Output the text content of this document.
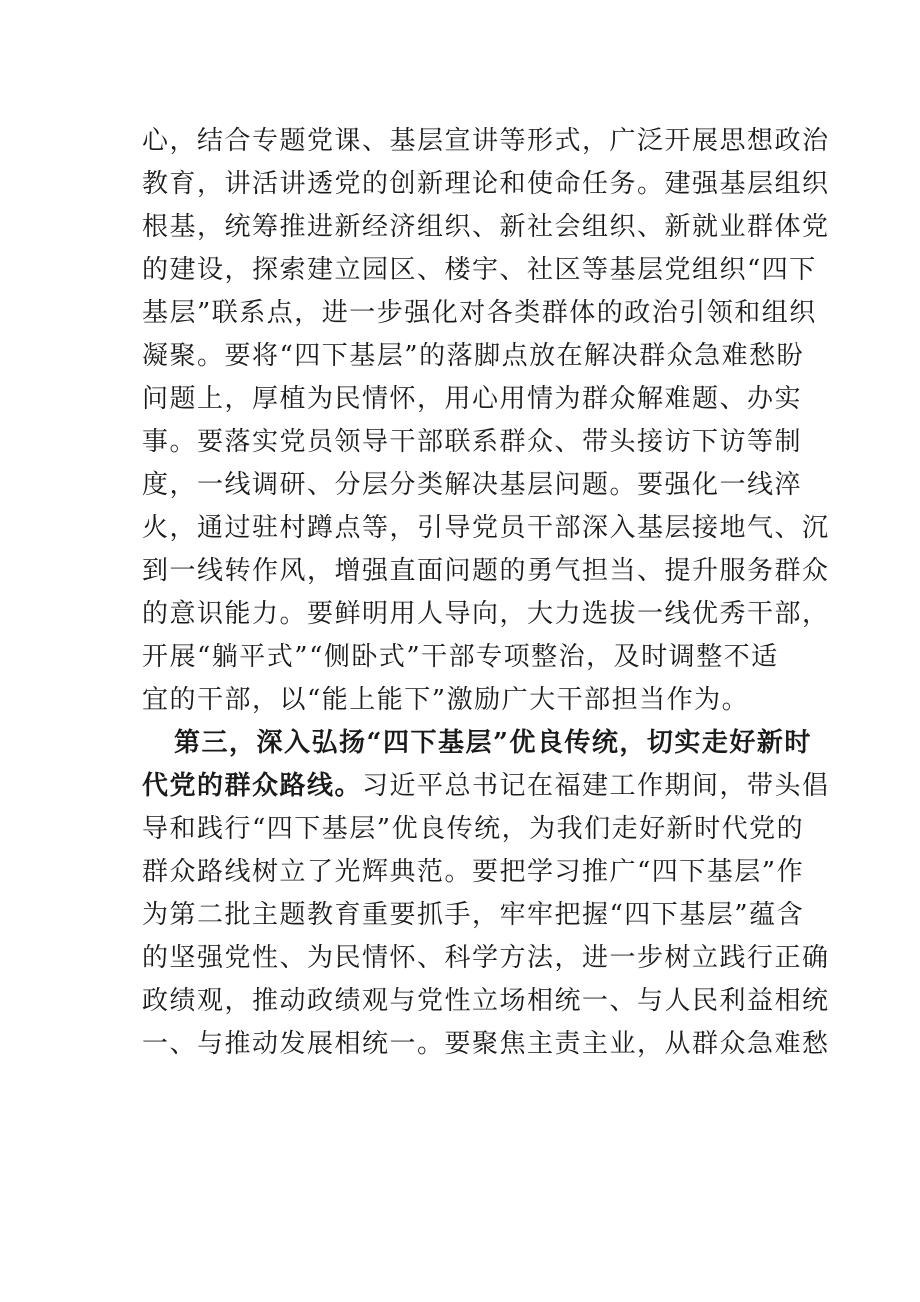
心，结合专题党课、基层宣讲等形式，广泛开展思想政治
教育，讲活讲透党的创新理论和使命任务。建强基层组织
根基，统筹推进新经济组织、新社会组织、新就业群体党
的建设，探索建立园区、楼宇、社区等基层党组织“四下
基层”联系点，进一步强化对各类群体的政治引领和组织
凝聚。要将“四下基层”的落脚点放在解决群众急难愁盼
问题上，厚植为民情怀，用心用情为群众解难题、办实
事。要落实党员领导干部联系群众、带头接访下访等制
度，一线调研、分层分类解决基层问题。要强化一线淬
火，通过驻村蹲点等，引导党员干部深入基层接地气、沉
到一线转作风，增强直面问题的勇气担当、提升服务群众
的意识能力。要鲜明用人导向，大力选拔一线优秀干部，
开展“躺平式”“侧卧式”干部专项整治，及时调整不适
宜的干部，以“能上能下”激励广大干部担当作为。
第三，深入弘扬“四下基层”优良传统，切实走好新时
代党的群众路线。习近平总书记在福建工作期间，带头倡
导和践行“四下基层”优良传统，为我们走好新时代党的
群众路线树立了光辉典范。要把学习推广“四下基层”作
为第二批主题教育重要抓手，牢牢把握“四下基层”蕴含
的坚强党性、为民情怀、科学方法，进一步树立践行正确
政绩观，推动政绩观与党性立场相统一、与人民利益相统
一、与推动发展相统一。要聚焦主责主业，从群众急难愁
